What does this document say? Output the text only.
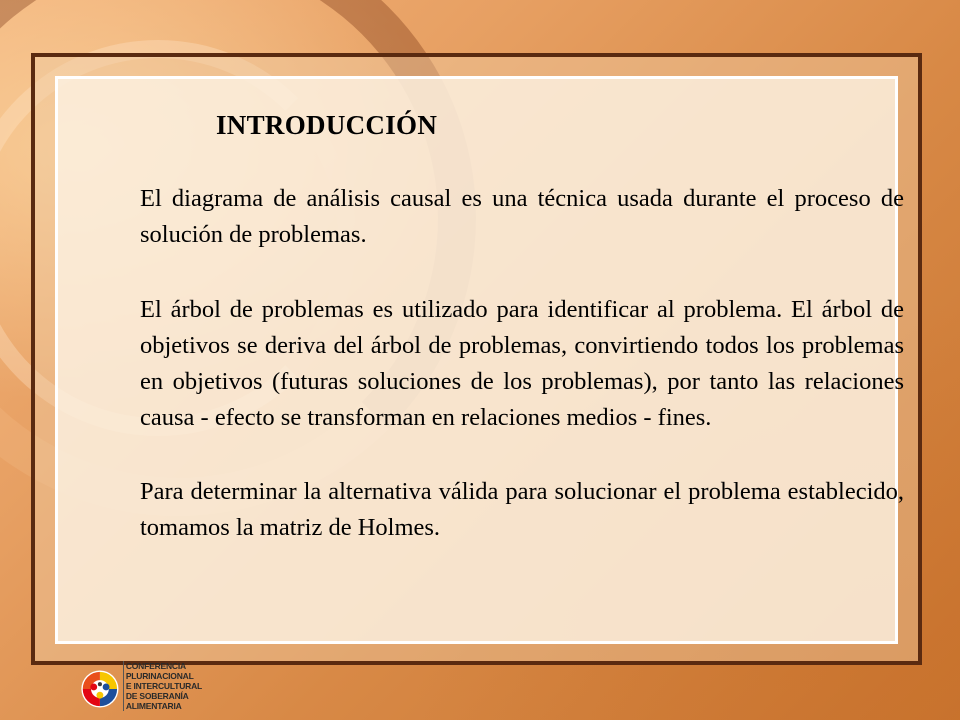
INTRODUCCIÓN

El diagrama de análisis causal es una técnica usada durante el proceso de solución de problemas.

El árbol de problemas es utilizado para identificar al problema. El árbol de objetivos se deriva del árbol de problemas, convirtiendo todos los problemas en objetivos (futuras soluciones de los problemas), por tanto las relaciones causa - efecto se transforman en relaciones medios - fines.

Para determinar la alternativa válida para solucionar el problema establecido, tomamos la matriz de Holmes.

CONFERENCIA
PLURINACIONAL
E INTERCULTURAL
DE SOBERANÍA
ALIMENTARIA
